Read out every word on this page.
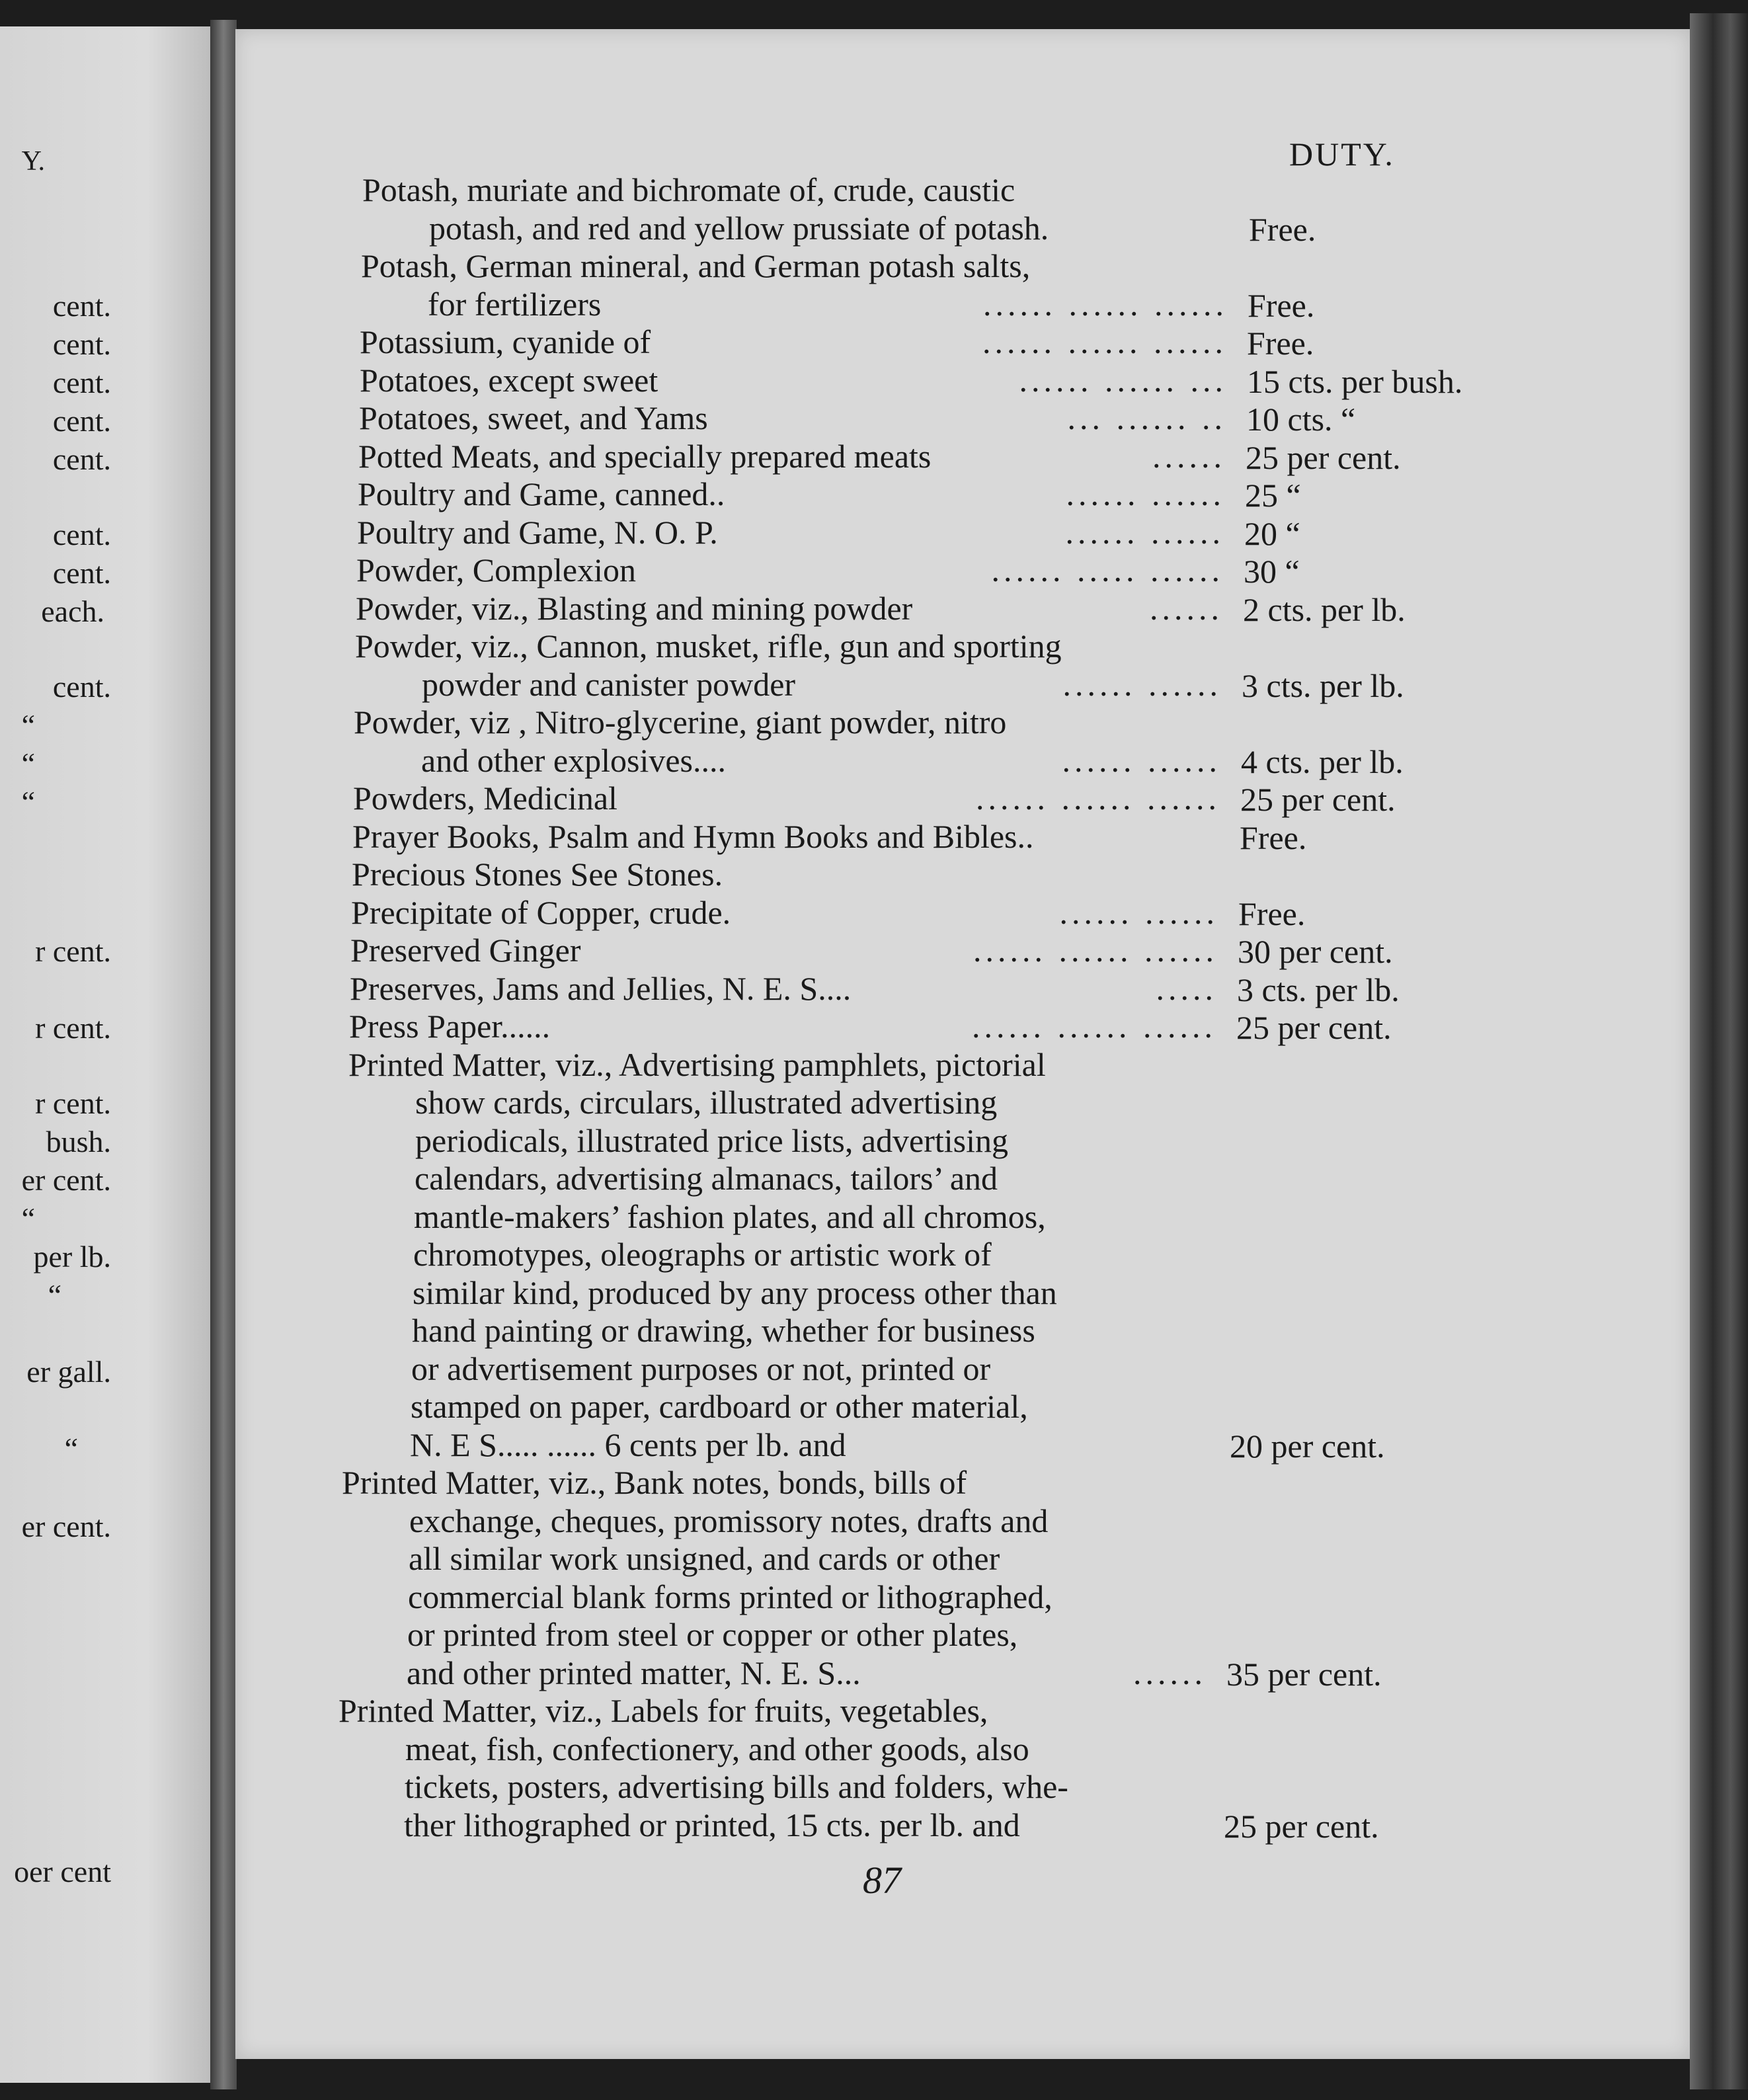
Y.
cent.
cent.
cent.
cent.
cent.
cent.
cent.
each.
cent.
“
“
“
r cent.
r cent.
r cent.
bush.
er cent.
“
per lb.
“
er gall.
“
er cent.
oer cent
DUTY.
Potash, muriate and bichromate of, crude, caustic
potash, and red and yellow prussiate of potash.	Free.
Potash, German mineral, and German potash salts,
for fertilizers	...... ...... ...... Free.
Potassium, cyanide of	...... ...... ...... Free.
Potatoes, except sweet	...... ...... ... 15 cts. per bush.
Potatoes, sweet, and Yams	... ...... .. 10 cts. “
Potted Meats, and specially prepared meats	...... 25 per cent.
Poultry and Game, canned..	...... ...... 25 “
Poultry and Game, N. O. P.	...... ...... 20 “
Powder, Complexion	...... ..... ...... 30 “
Powder, viz., Blasting and mining powder	...... 2 cts. per lb.
Powder, viz., Cannon, musket, rifle, gun and sporting
powder and canister powder	...... ...... 3 cts. per lb.
Powder, viz , Nitro-glycerine, giant powder, nitro
and other explosives....	...... ...... 4 cts. per lb.
Powders, Medicinal	...... ...... ...... 25 per cent.
Prayer Books, Psalm and Hymn Books and Bibles..	Free.
Precious Stones See Stones.
Precipitate of Copper, crude.	...... ...... Free.
Preserved Ginger	...... ...... ...... 30 per cent.
Preserves, Jams and Jellies, N. E. S....	..... 3 cts. per lb.
Press Paper......	...... ...... ...... 25 per cent.
Printed Matter, viz., Advertising pamphlets, pictorial
show cards, circulars, illustrated advertising
periodicals, illustrated price lists, advertising
calendars, advertising almanacs, tailors’ and
mantle-makers’ fashion plates, and all chromos,
chromotypes, oleographs or artistic work of
similar kind, produced by any process other than
hand painting or drawing, whether for business
or advertisement purposes or not, printed or
stamped on paper, cardboard or other material,
N. E S..... ...... 6 cents per lb. and	20 per cent.
Printed Matter, viz., Bank notes, bonds, bills of
exchange, cheques, promissory notes, drafts and
all similar work unsigned, and cards or other
commercial blank forms printed or lithographed,
or printed from steel or copper or other plates,
and other printed matter, N. E. S...	...... 35 per cent.
Printed Matter, viz., Labels for fruits, vegetables,
meat, fish, confectionery, and other goods, also
tickets, posters, advertising bills and folders, whe-
ther lithographed or printed, 15 cts. per lb. and	25 per cent.
87
